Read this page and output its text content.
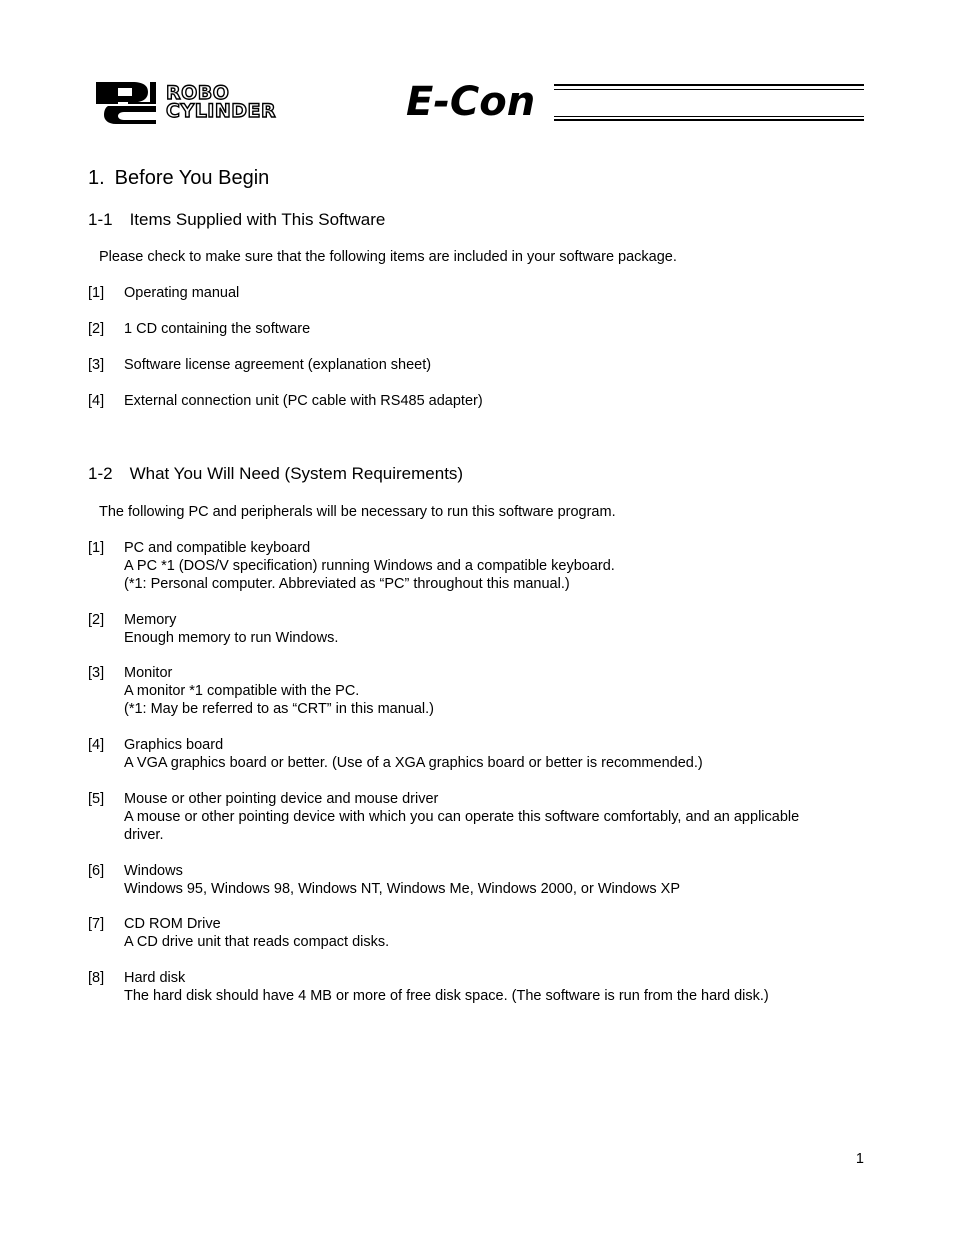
ROBO
CYLINDER	E-Con
1. Before You Begin
1-1  Items Supplied with This Software
Please check to make sure that the following items are included in your software package.
[1] Operating manual
[2] 1 CD containing the software
[3] Software license agreement (explanation sheet)
[4] External connection unit (PC cable with RS485 adapter)
1-2  What You Will Need (System Requirements)
The following PC and peripherals will be necessary to run this software program.
[1] PC and compatible keyboard
A PC *1 (DOS/V specification) running Windows and a compatible keyboard.
(*1: Personal computer. Abbreviated as “PC” throughout this manual.)
[2] Memory
Enough memory to run Windows.
[3] Monitor
A monitor *1 compatible with the PC.
(*1: May be referred to as “CRT” in this manual.)
[4] Graphics board
A VGA graphics board or better. (Use of a XGA graphics board or better is recommended.)
[5] Mouse or other pointing device and mouse driver
A mouse or other pointing device with which you can operate this software comfortably, and an applicable
driver.
[6] Windows
Windows 95, Windows 98, Windows NT, Windows Me, Windows 2000, or Windows XP
[7] CD ROM Drive
A CD drive unit that reads compact disks.
[8] Hard disk
The hard disk should have 4 MB or more of free disk space. (The software is run from the hard disk.)
1
